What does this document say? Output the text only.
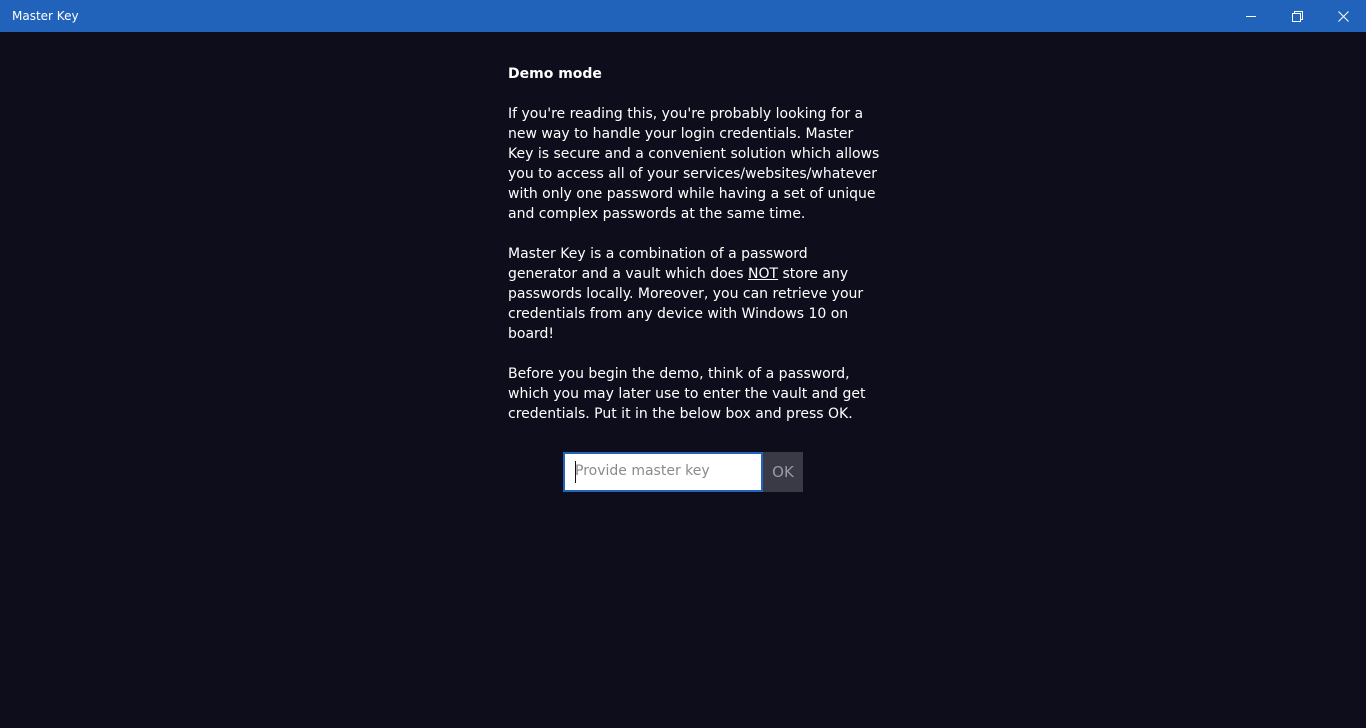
Master Key
Demo mode
If you're reading this, you're probably looking for a
new way to handle your login credentials. Master
Key is secure and a convenient solution which allows
you to access all of your services/websites/whatever
with only one password while having a set of unique
and complex passwords at the same time.
Master Key is a combination of a password
generator and a vault which does NOT store any
passwords locally. Moreover, you can retrieve your
credentials from any device with Windows 10 on
board!
Before you begin the demo, think of a password,
which you may later use to enter the vault and get
credentials. Put it in the below box and press OK.
OK
